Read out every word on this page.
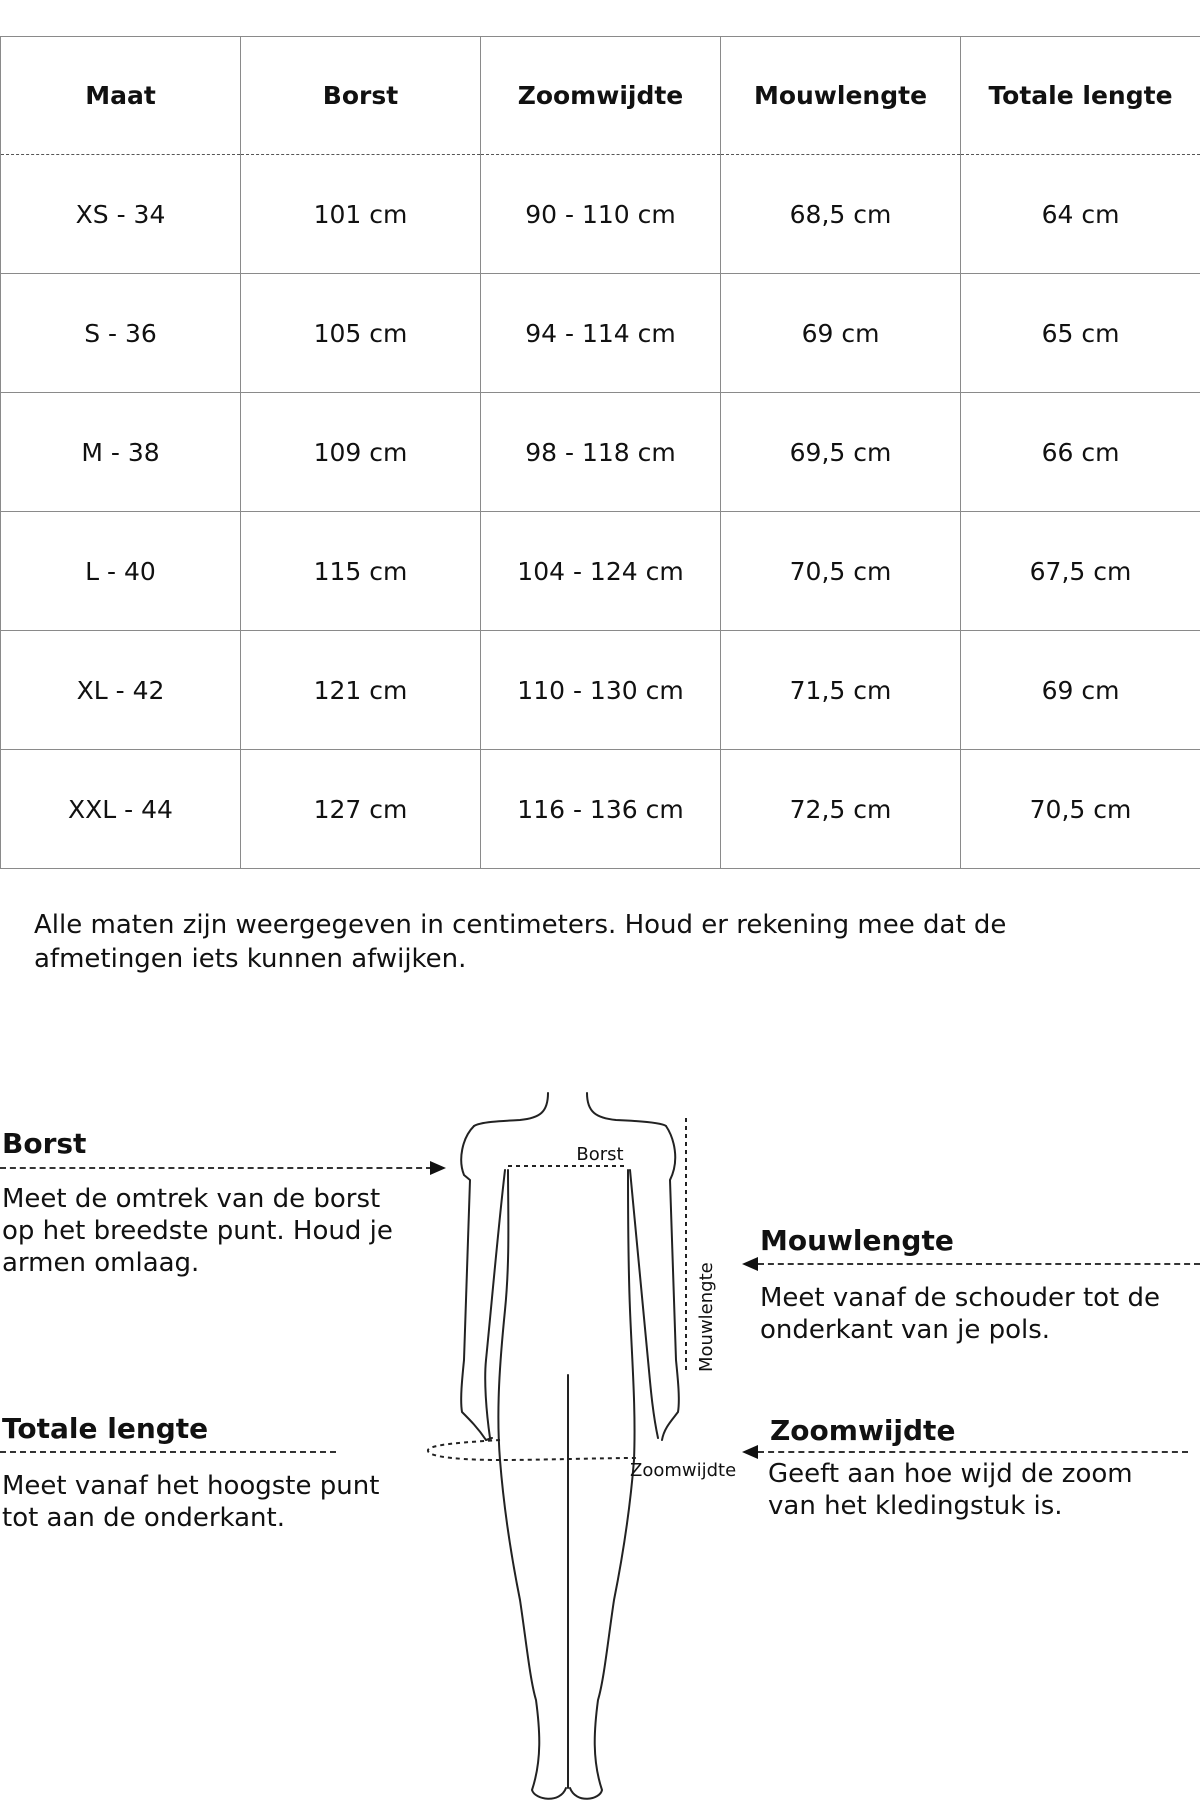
Maat	Borst	Zoomwijdte	Mouwlengte	Totale lengte
XS - 34	101 cm	90 - 110 cm	68,5 cm	64 cm
S - 36	105 cm	94 - 114 cm	69 cm	65 cm
M - 38	109 cm	98 - 118 cm	69,5 cm	66 cm
L - 40	115 cm	104 - 124 cm	70,5 cm	67,5 cm
XL - 42	121 cm	110 - 130 cm	71,5 cm	69 cm
XXL - 44	127 cm	116 - 136 cm	72,5 cm	70,5 cm

Alle maten zijn weergegeven in centimeters. Houd er rekening mee dat de
afmetingen iets kunnen afwijken.

Borst

Meet de omtrek van de borst
op het breedste punt. Houd je
armen omlaag.

Totale lengte

Meet vanaf het hoogste punt
tot aan de onderkant.

Mouwlengte

Meet vanaf de schouder tot de
onderkant van je pols.

Zoomwijdte

Geeft aan hoe wijd de zoom
van het kledingstuk is.

Borst
Mouwlengte
Zoomwijdte
